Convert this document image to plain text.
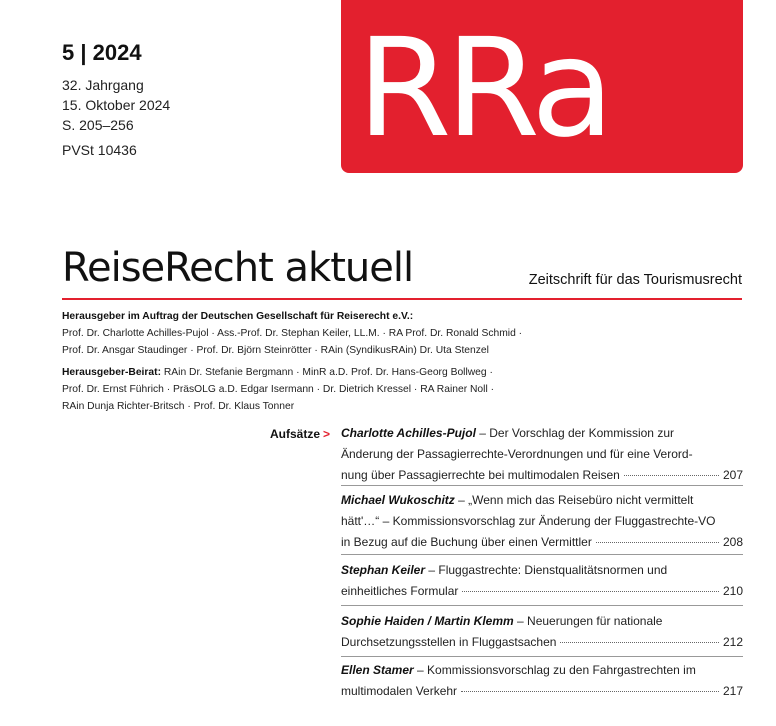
RRa
5 | 2024
32. Jahrgang
15. Oktober 2024
S. 205–256
PVSt 10436
ReiseRecht aktuell	Zeitschrift für das Tourismusrecht
Herausgeber im Auftrag der Deutschen Gesellschaft für Reiserecht e.V.:
Prof. Dr. Charlotte Achilles-Pujol · Ass.-Prof. Dr. Stephan Keiler, LL.M. · RA Prof. Dr. Ronald Schmid ·
Prof. Dr. Ansgar Staudinger · Prof. Dr. Björn Steinrötter · RAin (SyndikusRAin) Dr. Uta Stenzel
Herausgeber-Beirat: RAin Dr. Stefanie Bergmann · MinR a.D. Prof. Dr. Hans-Georg Bollweg ·
Prof. Dr. Ernst Führich · PräsOLG a.D. Edgar Isermann · Dr. Dietrich Kressel · RA Rainer Noll ·
RAin Dunja Richter-Britsch · Prof. Dr. Klaus Tonner
Aufsätze > Charlotte Achilles-Pujol – Der Vorschlag der Kommission zur
Änderung der Passagierrechte-Verordnungen und für eine Verord-
nung über Passagierrechte bei multimodalen Reisen	207
Michael Wukoschitz – „Wenn mich das Reisebüro nicht vermittelt
hätt'…“ – Kommissionsvorschlag zur Änderung der Fluggastrechte-VO
in Bezug auf die Buchung über einen Vermittler	208
Stephan Keiler – Fluggastrechte: Dienstqualitätsnormen und
einheitliches Formular	210
Sophie Haiden / Martin Klemm – Neuerungen für nationale
Durchsetzungsstellen in Fluggastsachen	212
Ellen Stamer – Kommissionsvorschlag zu den Fahrgastrechten im
multimodalen Verkehr	217
